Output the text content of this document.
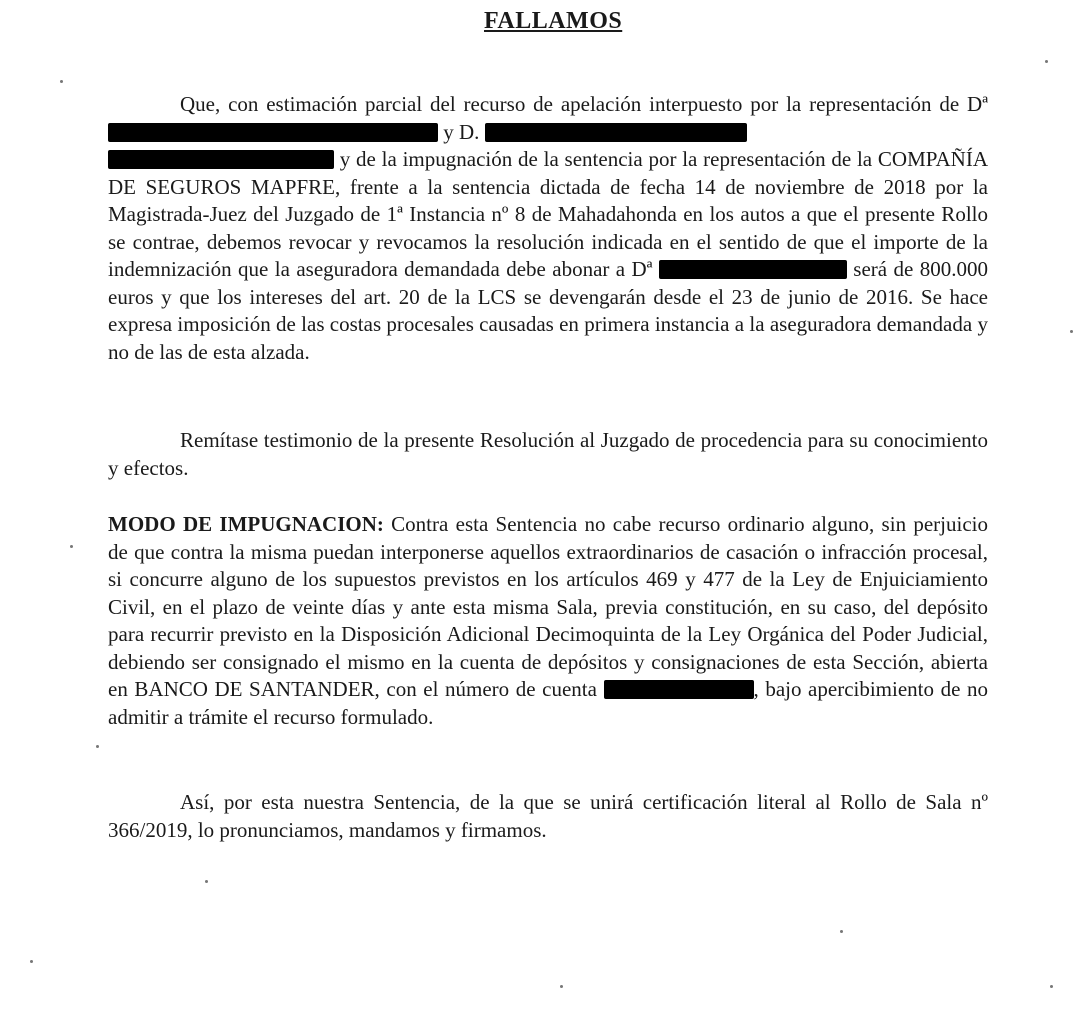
FALLAMOS

Que, con estimación parcial del recurso de apelación interpuesto por la representación de Dª  y D.
y de la impugnación de la sentencia por la representación de la COMPAÑÍA DE SEGUROS MAPFRE, frente a la sentencia dictada de fecha 14 de noviembre de 2018 por la Magistrada-Juez del Juzgado de 1ª Instancia nº 8 de Mahadahonda en los autos a que el presente Rollo se contrae, debemos revocar y revocamos la resolución indicada en el sentido de que el importe de la indemnización que la aseguradora demandada debe abonar a Dª	será de 800.000 euros y que los intereses del art. 20 de la LCS se devengarán desde el 23 de junio de 2016. Se hace expresa imposición de las costas procesales causadas en primera instancia a la aseguradora demandada y no de las de esta alzada.

Remítase testimonio de la presente Resolución al Juzgado de procedencia para su conocimiento y efectos.

MODO DE IMPUGNACION: Contra esta Sentencia no cabe recurso ordinario alguno, sin perjuicio de que contra la misma puedan interponerse aquellos extraordinarios de casación o infracción procesal, si concurre alguno de los supuestos previstos en los artículos 469 y 477 de la Ley de Enjuiciamiento Civil, en el plazo de veinte días y ante esta misma Sala, previa constitución, en su caso, del depósito para recurrir previsto en la Disposición Adicional Decimoquinta de la Ley Orgánica del Poder Judicial, debiendo ser consignado el mismo en la cuenta de depósitos y consignaciones de esta Sección, abierta en BANCO DE SANTANDER, con el número de cuenta	, bajo apercibimiento de no admitir a trámite el recurso formulado.

Así, por esta nuestra Sentencia, de la que se unirá certificación literal al Rollo de Sala nº 366/2019, lo pronunciamos, mandamos y firmamos.
